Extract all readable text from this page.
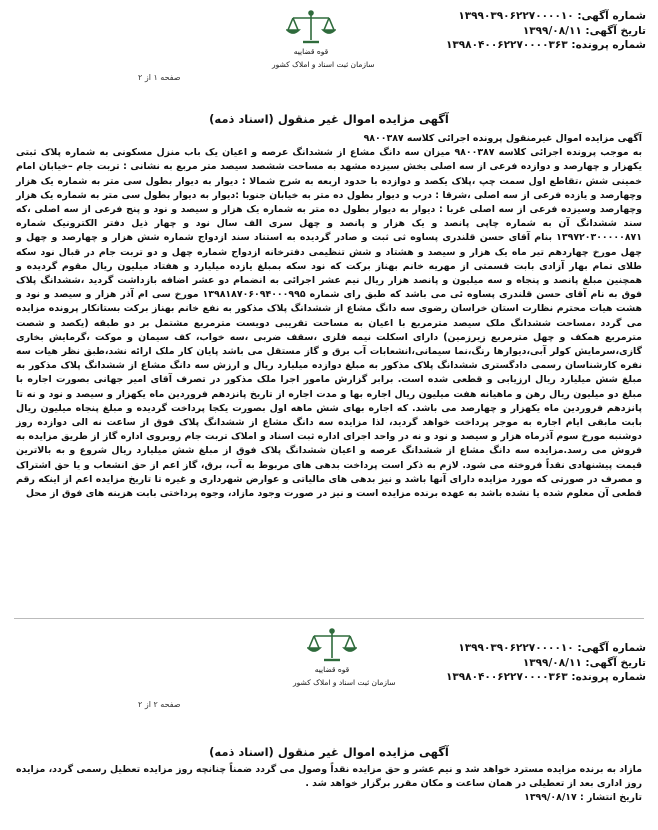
شماره آگهی: ۱۳۹۹۰۳۹۰۶۲۲۷۰۰۰۰۱۰
تاریخ آگهی: ۱۳۹۹/۰۸/۱۱
شماره پرونده: ۱۳۹۸۰۴۰۰۶۲۲۷۰۰۰۰۳۶۳
قوه قضاییه
سازمان ثبت اسناد و املاک کشور
صفحه ۱ از ۲
آگهی مزایده اموال غیر منقول (اسناد ذمه)

آگهی مزایده اموال غیرمنقول پرونده اجرائی کلاسه ۹۸۰۰۳۸۷

به موجب پرونده اجرائی کلاسه ۹۸۰۰۳۸۷ میزان سه دانگ مشاع از ششدانگ عرصه و اعیان یک باب منزل مسکونی به شماره پلاک ثبتی یکهزار و چهارصد و دوازده فرعی از سه اصلی بخش سیزده مشهد به مساحت ششصد سیصد متر مربع به نشانی : تربت جام –خیابان امام خمینی شش ،تقاطع اول سمت چپ ،پلاک یکصد و دوازده با حدود اربعه به شرح شمالا : دیوار به دیوار بطول سی متر به شماره یک هزار وچهارصد و یازده فرعی از سه اصلی ،شرقا : درب و دیوار بطول ده متر به خیابان جنوبا :دیوار به دیوار بطول سی متر به شماره یک هزار وچهارصد وسیزده فرعی از سه اصلی غربا : دیوار به دیوار بطول ده متر به شماره یک هزار و سیصد و نود و پنج فرعی از سه اصلی ،که سند ششدانگ آن به شماره چاپی پانصد و یک هزار و پانصد و چهل سری الف سال نود و چهار ذیل دفتر الکترونیک شماره ۱۳۹۷۲۰۳۰۰۰۰۰۸۷۱ بنام آقای حسن قلندری پساوه ثی ثبت و صادر گردیده به استناد سند ازدواج شماره شش هزار و چهارصد و چهل و چهل مورخ چهاردهم تیر ماه یک هزار و سیصد و هشتاد و شش تنظیمی دفترخانه ازدواج شماره چهل و دو تربت جام در قبال نود سکه طلای تمام بهار آزادی بابت قسمتی از مهریه خانم بهناز برکت که نود سکه بمبلغ یازده میلیارد و هفتاد میلیون ریال مقوم گردیده و همچنین مبلغ پانصد و پنجاه و سه میلیون و پانصد هزار ریال نیم عشر اجرائی به انضمام دو عشر اضافه بازداشت گردید ،ششدانگ پلاک فوق به نام آقای حسن قلندری پساوه ئی می باشد که طبق رای شماره ۱۳۹۸۱۸۷۰۶۰۹۴۰۰۰۹۹۵ مورخ سی ام آذر هزار و سیصد و نود و هشت هیات محترم نظارت استان خراسان رضوی سه دانگ مشاع از ششدانگ پلاک مذکور به نفع خانم بهناز برکت بستانکار پرونده مزایده می گردد ،مساحت ششدانگ ملک سیصد مترمربع با اعیان به مساحت تقریبی دویست مترمربع مشتمل بر دو طبقه (یکصد و شصت مترمربع همکف و چهل مترمربع زیرزمین) دارای اسکلت نیمه فلزی ،سقف ضربی ،سه خواب، کف سیمان و موکت ،گرمایش بخاری گازی،سرمایش کولر آبی،دیوارها رنگ،نما سیمانی،انشعابات آب برق و گاز مستقل می باشد پایان کار ملک ارائه نشد،طبق نظر هیات سه نفره کارشناسان رسمی دادگستری ششدانگ پلاک مذکور به مبلغ دوازده میلیارد ریال و ارزش سه دانگ مشاع از ششدانگ پلاک مذکور به مبلغ شش میلیارد ریال ارزیابی و قطعی شده است. برابر گزارش مامور اجرا ملک مذکور در تصرف آقای امیر جهانی بصورت اجاره با مبلغ دو میلیون ریال رهن و ماهیانه هفت میلیون ریال اجاره بها و مدت اجاره از تاریخ پانزدهم فروردین ماه یکهزار و سیصد و نود و نه تا پانزدهم فروردین ماه یکهزار و چهارصد می باشد. که اجاره بهای شش ماهه اول بصورت یکجا پرداخت گردیده و مبلغ پنجاه میلیون ریال بابت مابقی ایام اجاره به موجر پرداخت خواهد گردید، لذا مزایده سه دانگ مشاع از ششدانگ پلاک فوق از ساعت نه الی دوازده روز دوشنبه مورخ سوم آذرماه هزار و سیصد و نود و نه در واحد اجرای اداره ثبت اسناد و املاک تربت جام روبروی اداره گاز از طریق مزایده به فروش می رسد.مزایده سه دانگ مشاع از ششدانگ عرصه و اعیان ششدانگ پلاک فوق از مبلغ شش میلیارد ریال شروع و به بالاترین قیمت پیشنهادی نقداً فروخته می شود. لازم به ذکر است پرداخت بدهی های مربوط به آب، برق، گاز اعم از حق انشعاب و یا حق اشتراک و مصرف در صورتی که مورد مزایده دارای آنها باشد و نیز بدهی های مالیاتی و عوارض شهرداری و غیره تا تاریخ مزایده اعم از اینکه رقم قطعی آن معلوم شده یا نشده باشد به عهده برنده مزایده است و نیز در صورت وجود مازاد، وجوه پرداختی بابت هزینه های فوق از محل

شماره آگهی: ۱۳۹۹۰۳۹۰۶۲۲۷۰۰۰۰۱۰
تاریخ آگهی: ۱۳۹۹/۰۸/۱۱
شماره پرونده: ۱۳۹۸۰۴۰۰۶۲۲۷۰۰۰۰۳۶۳
قوه قضاییه
سازمان ثبت اسناد و املاک کشور
صفحه ۲ از ۲
آگهی مزایده اموال غیر منقول (اسناد ذمه)

مازاد به برنده مزایده مسترد خواهد شد و نیم عشر و حق مزایده نقداً وصول می گردد ضمناً چنانچه روز مزایده تعطیل رسمی گردد، مزایده روز اداری بعد از تعطیلی در همان ساعت و مکان مقرر برگزار خواهد شد .

تاریخ انتشار : ۱۳۹۹/۰۸/۱۷
